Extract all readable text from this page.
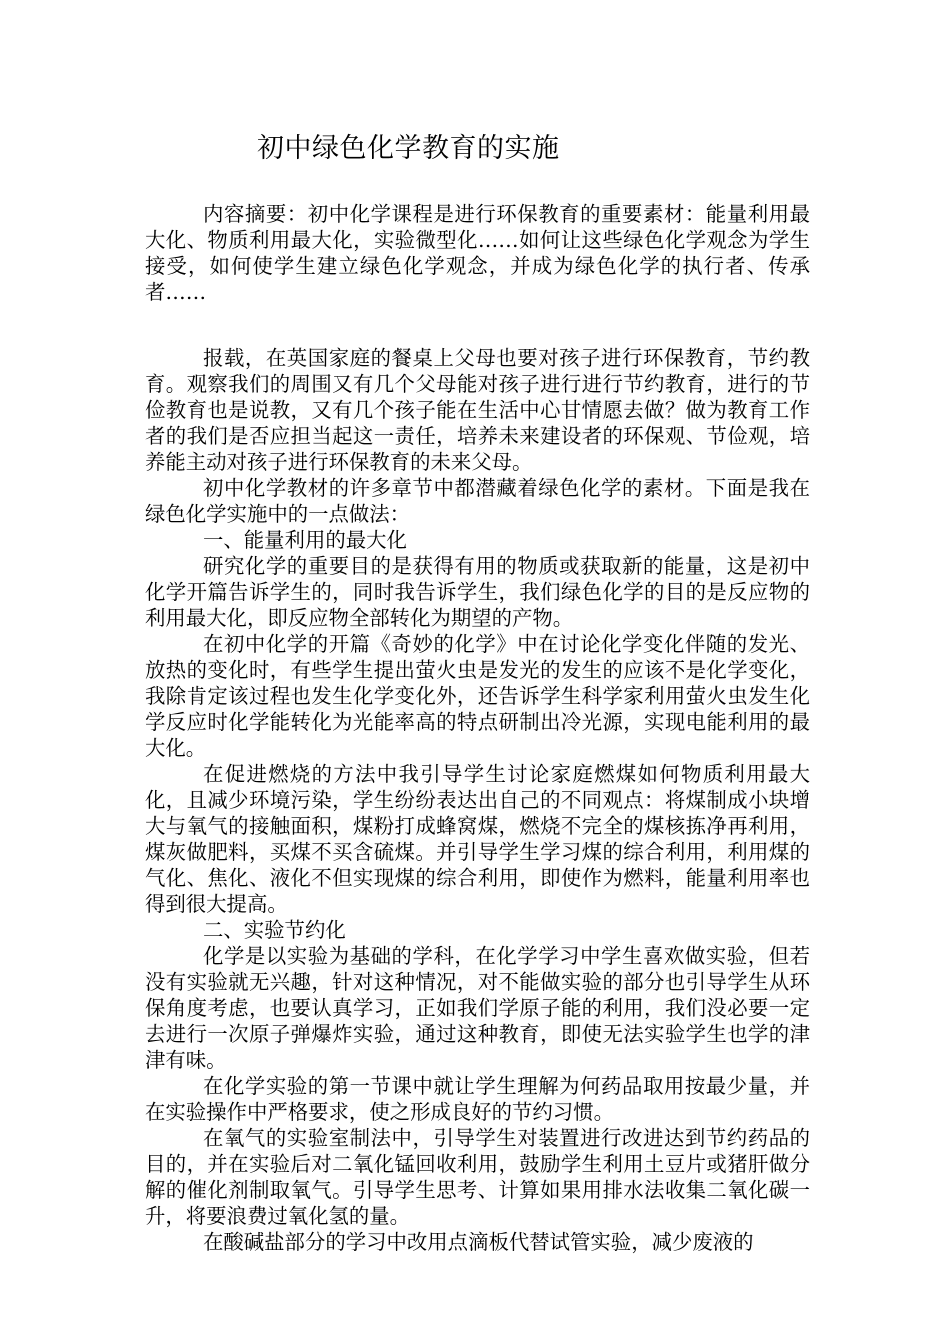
初中绿色化学教育的实施

内容摘要：初中化学课程是进行环保教育的重要素材：能量利用最大化、物质利用最大化，实验微型化……如何让这些绿色化学观念为学生接受，如何使学生建立绿色化学观念，并成为绿色化学的执行者、传承者……

报载，在英国家庭的餐桌上父母也要对孩子进行环保教育，节约教育。观察我们的周围又有几个父母能对孩子进行进行节约教育，进行的节俭教育也是说教，又有几个孩子能在生活中心甘情愿去做？做为教育工作者的我们是否应担当起这一责任，培养未来建设者的环保观、节俭观，培养能主动对孩子进行环保教育的未来父母。

初中化学教材的许多章节中都潜藏着绿色化学的素材。下面是我在绿色化学实施中的一点做法：

一、能量利用的最大化

研究化学的重要目的是获得有用的物质或获取新的能量，这是初中化学开篇告诉学生的，同时我告诉学生，我们绿色化学的目的是反应物的利用最大化，即反应物全部转化为期望的产物。

在初中化学的开篇《奇妙的化学》中在讨论化学变化伴随的发光、放热的变化时，有些学生提出萤火虫是发光的发生的应该不是化学变化，我除肯定该过程也发生化学变化外，还告诉学生科学家利用萤火虫发生化学反应时化学能转化为光能率高的特点研制出冷光源，实现电能利用的最大化。

在促进燃烧的方法中我引导学生讨论家庭燃煤如何物质利用最大化，且减少环境污染，学生纷纷表达出自己的不同观点：将煤制成小块增大与氧气的接触面积，煤粉打成蜂窝煤，燃烧不完全的煤核拣净再利用，煤灰做肥料，买煤不买含硫煤。并引导学生学习煤的综合利用，利用煤的气化、焦化、液化不但实现煤的综合利用，即使作为燃料，能量利用率也得到很大提高。

二、实验节约化

化学是以实验为基础的学科，在化学学习中学生喜欢做实验，但若没有实验就无兴趣，针对这种情况，对不能做实验的部分也引导学生从环保角度考虑，也要认真学习，正如我们学原子能的利用，我们没必要一定去进行一次原子弹爆炸实验，通过这种教育，即使无法实验学生也学的津津有味。

在化学实验的第一节课中就让学生理解为何药品取用按最少量，并在实验操作中严格要求，使之形成良好的节约习惯。

在氧气的实验室制法中，引导学生对装置进行改进达到节约药品的目的，并在实验后对二氧化锰回收利用，鼓励学生利用土豆片或猪肝做分解的催化剂制取氧气。引导学生思考、计算如果用排水法收集二氧化碳一升，将要浪费过氧化氢的量。

在酸碱盐部分的学习中改用点滴板代替试管实验，减少废液的
